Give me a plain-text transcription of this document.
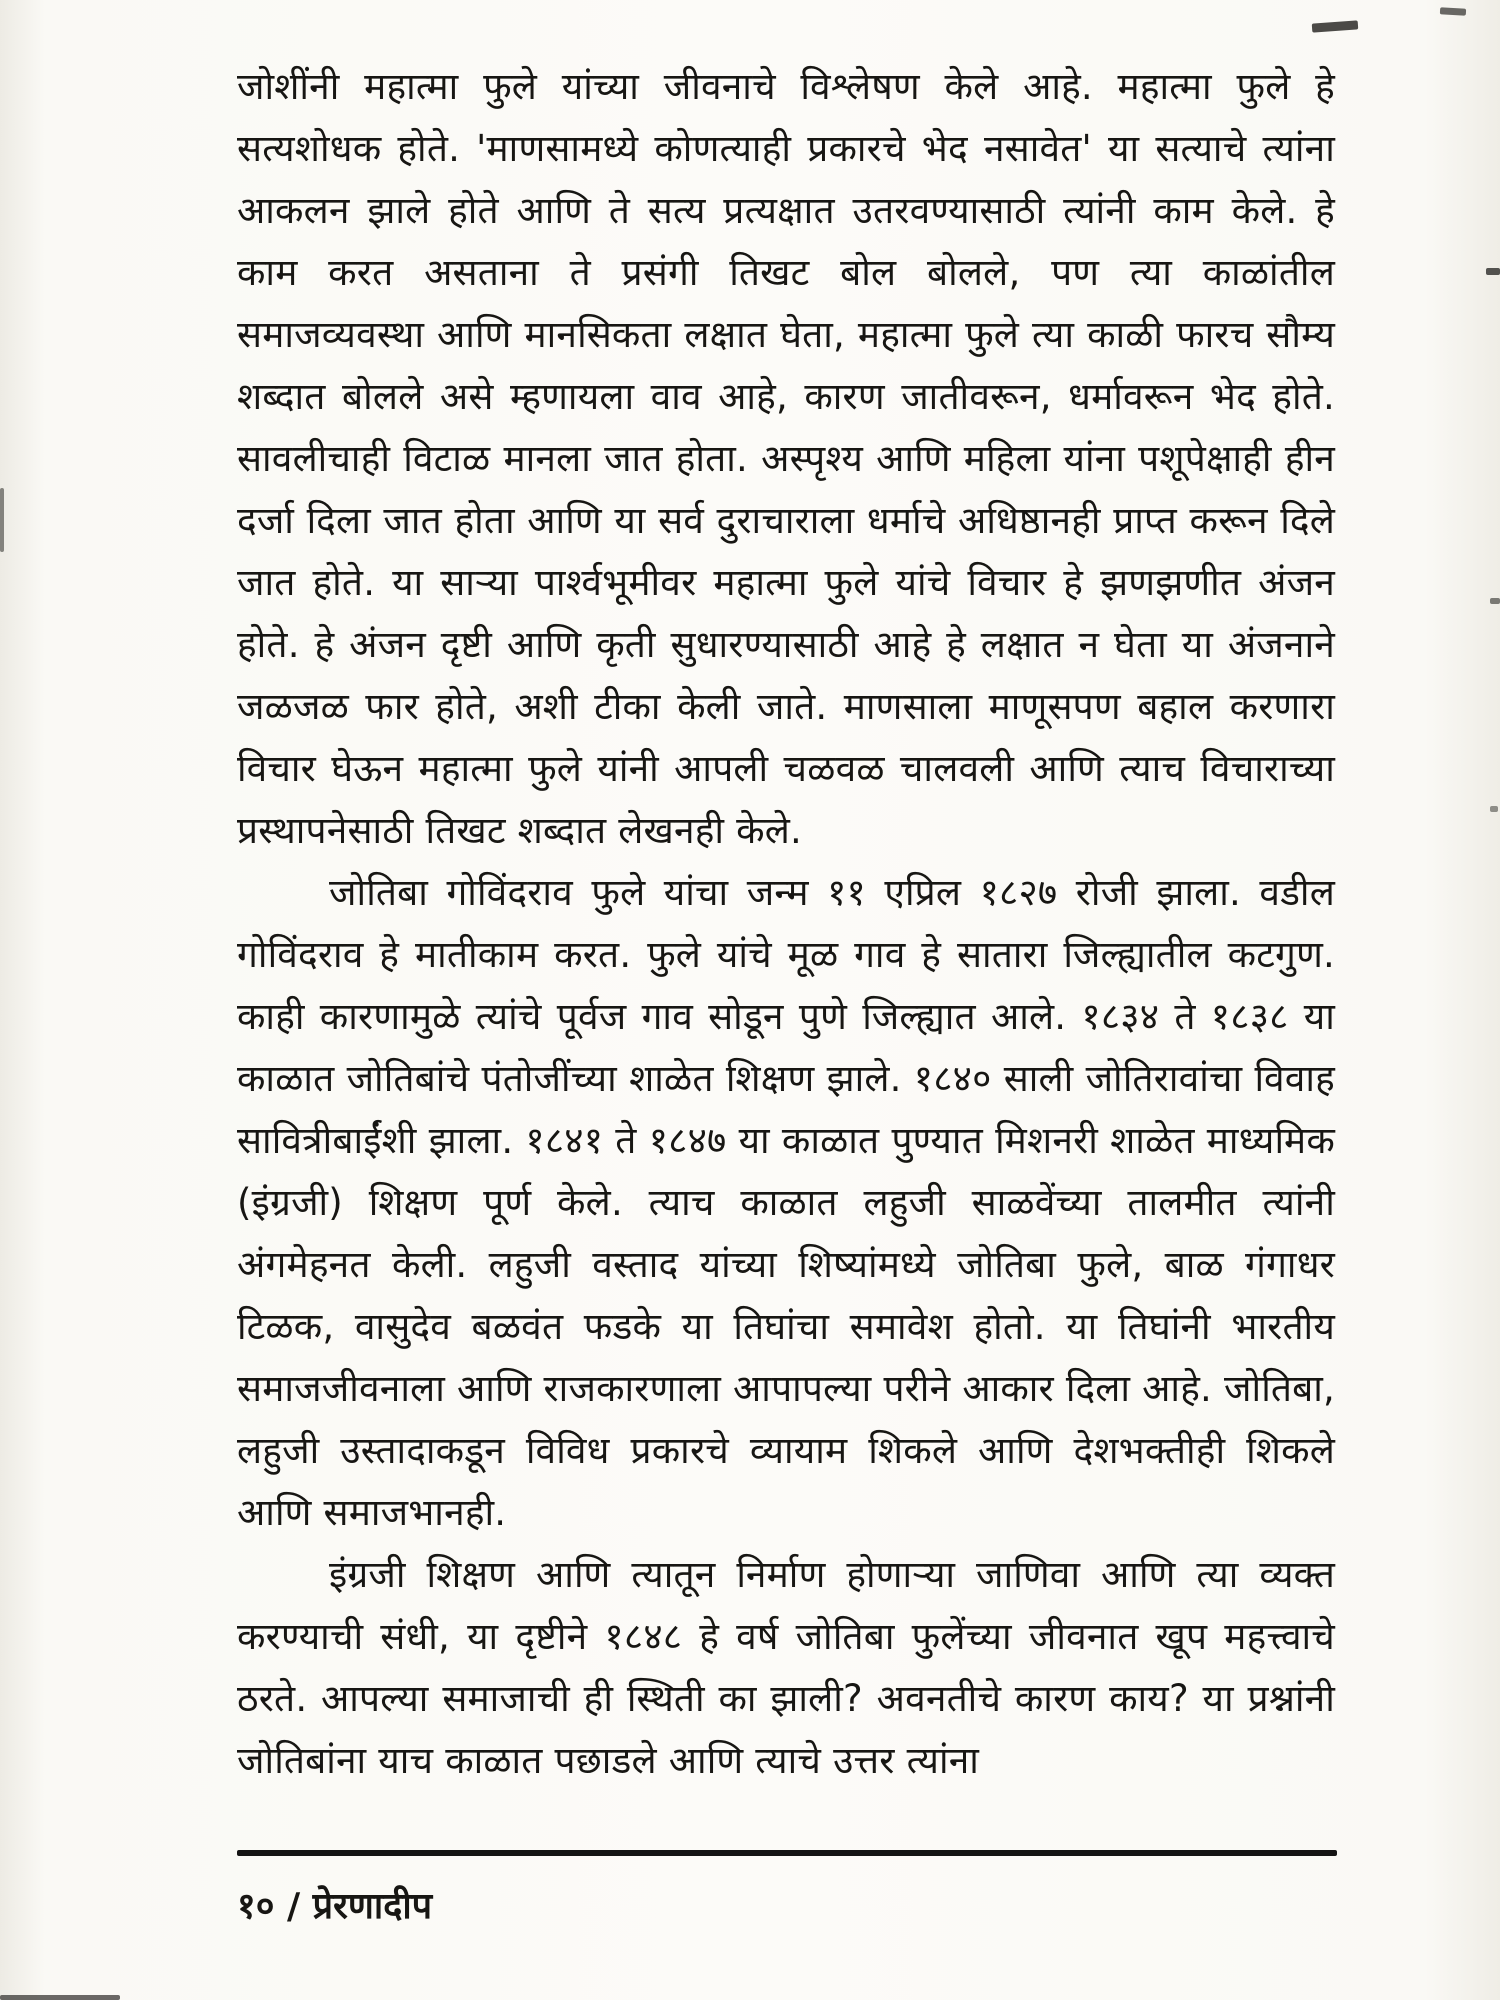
जोशींनी महात्मा फुले यांच्या जीवनाचे विश्लेषण केले आहे. महात्मा फुले हे सत्यशोधक होते. 'माणसामध्ये कोणत्याही प्रकारचे भेद नसावेत' या सत्याचे त्यांना आकलन झाले होते आणि ते सत्य प्रत्यक्षात उतरवण्यासाठी त्यांनी काम केले. हे काम करत असताना ते प्रसंगी तिखट बोल बोलले, पण त्या काळांतील समाजव्यवस्था आणि मानसिकता लक्षात घेता, महात्मा फुले त्या काळी फारच सौम्य शब्दात बोलले असे म्हणायला वाव आहे, कारण जातीवरून, धर्मावरून भेद होते. सावलीचाही विटाळ मानला जात होता. अस्पृश्य आणि महिला यांना पशूपेक्षाही हीन दर्जा दिला जात होता आणि या सर्व दुराचाराला धर्माचे अधिष्ठानही प्राप्त करून दिले जात होते. या साऱ्या पार्श्वभूमीवर महात्मा फुले यांचे विचार हे झणझणीत अंजन होते. हे अंजन दृष्टी आणि कृती सुधारण्यासाठी आहे हे लक्षात न घेता या अंजनाने जळजळ फार होते, अशी टीका केली जाते. माणसाला माणूसपण बहाल करणारा विचार घेऊन महात्मा फुले यांनी आपली चळवळ चालवली आणि त्याच विचाराच्या प्रस्थापनेसाठी तिखट शब्दात लेखनही केले.

जोतिबा गोविंदराव फुले यांचा जन्म ११ एप्रिल १८२७ रोजी झाला. वडील गोविंदराव हे मातीकाम करत. फुले यांचे मूळ गाव हे सातारा जिल्ह्यातील कटगुण. काही कारणामुळे त्यांचे पूर्वज गाव सोडून पुणे जिल्ह्यात आले. १८३४ ते १८३८ या काळात जोतिबांचे पंतोजींच्या शाळेत शिक्षण झाले. १८४० साली जोतिरावांचा विवाह सावित्रीबाईंशी झाला. १८४१ ते १८४७ या काळात पुण्यात मिशनरी शाळेत माध्यमिक (इंग्रजी) शिक्षण पूर्ण केले. त्याच काळात लहुजी साळवेंच्या तालमीत त्यांनी अंगमेहनत केली. लहुजी वस्ताद यांच्या शिष्यांमध्ये जोतिबा फुले, बाळ गंगाधर टिळक, वासुदेव बळवंत फडके या तिघांचा समावेश होतो. या तिघांनी भारतीय समाजजीवनाला आणि राजकारणाला आपापल्या परीने आकार दिला आहे. जोतिबा, लहुजी उस्तादाकडून विविध प्रकारचे व्यायाम शिकले आणि देशभक्तीही शिकले आणि समाजभानही.

इंग्रजी शिक्षण आणि त्यातून निर्माण होणाऱ्या जाणिवा आणि त्या व्यक्त करण्याची संधी, या दृष्टीने १८४८ हे वर्ष जोतिबा फुलेंच्या जीवनात खूप महत्त्वाचे ठरते. आपल्या समाजाची ही स्थिती का झाली? अवनतीचे कारण काय? या प्रश्नांनी जोतिबांना याच काळात पछाडले आणि त्याचे उत्तर त्यांना

१० / प्रेरणादीप
